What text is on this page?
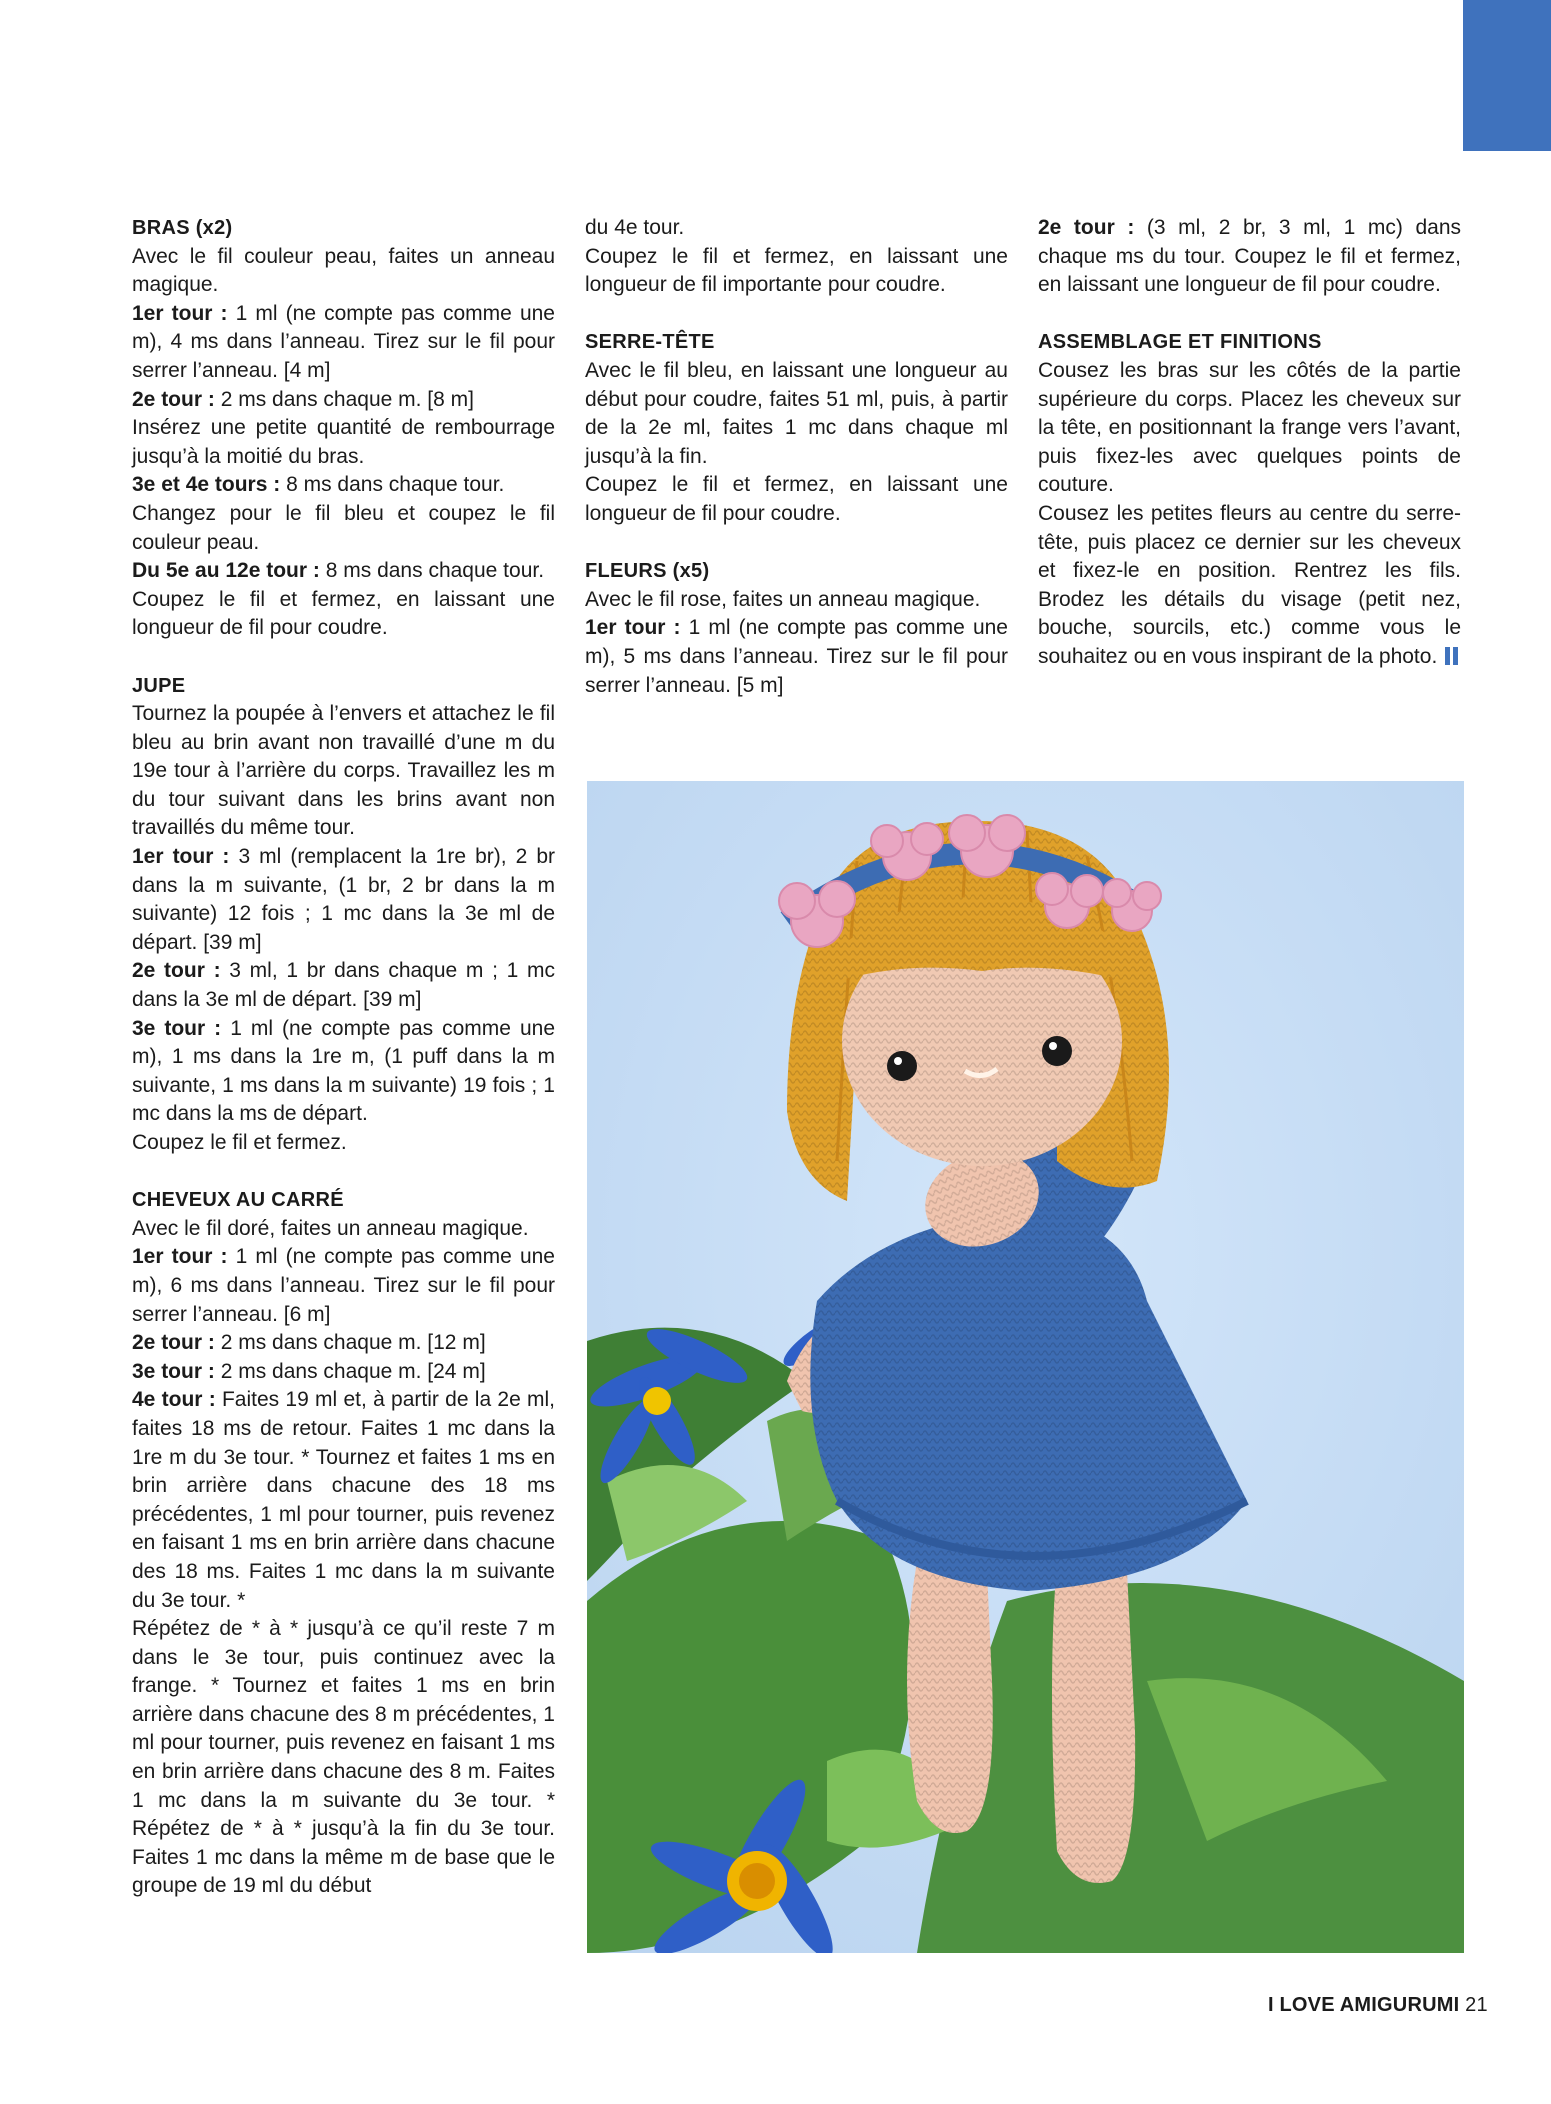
BRAS (x2)

Avec le fil couleur peau, faites un anneau magique.

1er tour : 1 ml (ne compte pas comme une m), 4 ms dans l’anneau. Tirez sur le fil pour serrer l’anneau. [4 m]

2e tour : 2 ms dans chaque m. [8 m]

Insérez une petite quantité de rembourrage jusqu’à la moitié du bras.

3e et 4e tours : 8 ms dans chaque tour.

Changez pour le fil bleu et coupez le fil couleur peau.

Du 5e au 12e tour : 8 ms dans chaque tour.

Coupez le fil et fermez, en laissant une longueur de fil pour coudre.

JUPE

Tournez la poupée à l’envers et attachez le fil bleu au brin avant non travaillé d’une m du 19e tour à l’arrière du corps. Travaillez les m du tour suivant dans les brins avant non travaillés du même tour.

1er tour : 3 ml (remplacent la 1re br), 2 br dans la m suivante, (1 br, 2 br dans la m suivante) 12 fois ; 1 mc dans la 3e ml de départ. [39 m]

2e tour : 3 ml, 1 br dans chaque m ; 1 mc dans la 3e ml de départ. [39 m]

3e tour : 1 ml (ne compte pas comme une m), 1 ms dans la 1re m, (1 puff dans la m suivante, 1 ms dans la m suivante) 19 fois ; 1 mc dans la ms de départ.

Coupez le fil et fermez.

CHEVEUX AU CARRÉ

Avec le fil doré, faites un anneau magique.

1er tour : 1 ml (ne compte pas comme une m), 6 ms dans l’anneau. Tirez sur le fil pour serrer l’anneau. [6 m]

2e tour : 2 ms dans chaque m. [12 m]

3e tour : 2 ms dans chaque m. [24 m]

4e tour : Faites 19 ml et, à partir de la 2e ml, faites 18 ms de retour. Faites 1 mc dans la 1re m du 3e tour. * Tournez et faites 1 ms en brin arrière dans chacune des 18 ms précédentes, 1 ml pour tourner, puis revenez en faisant 1 ms en brin arrière dans chacune des 18 ms. Faites 1 mc dans la m suivante du 3e tour. *

Répétez de * à * jusqu’à ce qu’il reste 7 m dans le 3e tour, puis continuez avec la frange. * Tournez et faites 1 ms en brin arrière dans chacune des 8 m précédentes, 1 ml pour tourner, puis revenez en faisant 1 ms en brin arrière dans chacune des 8 m. Faites 1 mc dans la m suivante du 3e tour. * Répétez de * à * jusqu’à la fin du 3e tour. Faites 1 mc dans la même m de base que le groupe de 19 ml du début

du 4e tour.

Coupez le fil et fermez, en laissant une longueur de fil importante pour coudre.

SERRE-TÊTE

Avec le fil bleu, en laissant une longueur au début pour coudre, faites 51 ml, puis, à partir de la 2e ml, faites 1 mc dans chaque ml jusqu’à la fin.

Coupez le fil et fermez, en laissant une longueur de fil pour coudre.

FLEURS (x5)

Avec le fil rose, faites un anneau magique.

1er tour : 1 ml (ne compte pas comme une m), 5 ms dans l’anneau. Tirez sur le fil pour serrer l’anneau. [5 m]

2e tour : (3 ml, 2 br, 3 ml, 1 mc) dans chaque ms du tour. Coupez le fil et fermez, en laissant une longueur de fil pour coudre.

ASSEMBLAGE ET FINITIONS

Cousez les bras sur les côtés de la partie supérieure du corps. Placez les cheveux sur la tête, en positionnant la frange vers l’avant, puis fixez-les avec quelques points de couture.

Cousez les petites fleurs au centre du serre-tête, puis placez ce dernier sur les cheveux et fixez-le en position. Rentrez les fils. Brodez les détails du visage (petit nez, bouche, sourcils, etc.) comme vous le souhaitez ou en vous inspirant de la photo.

I LOVE AMIGURUMI 21
